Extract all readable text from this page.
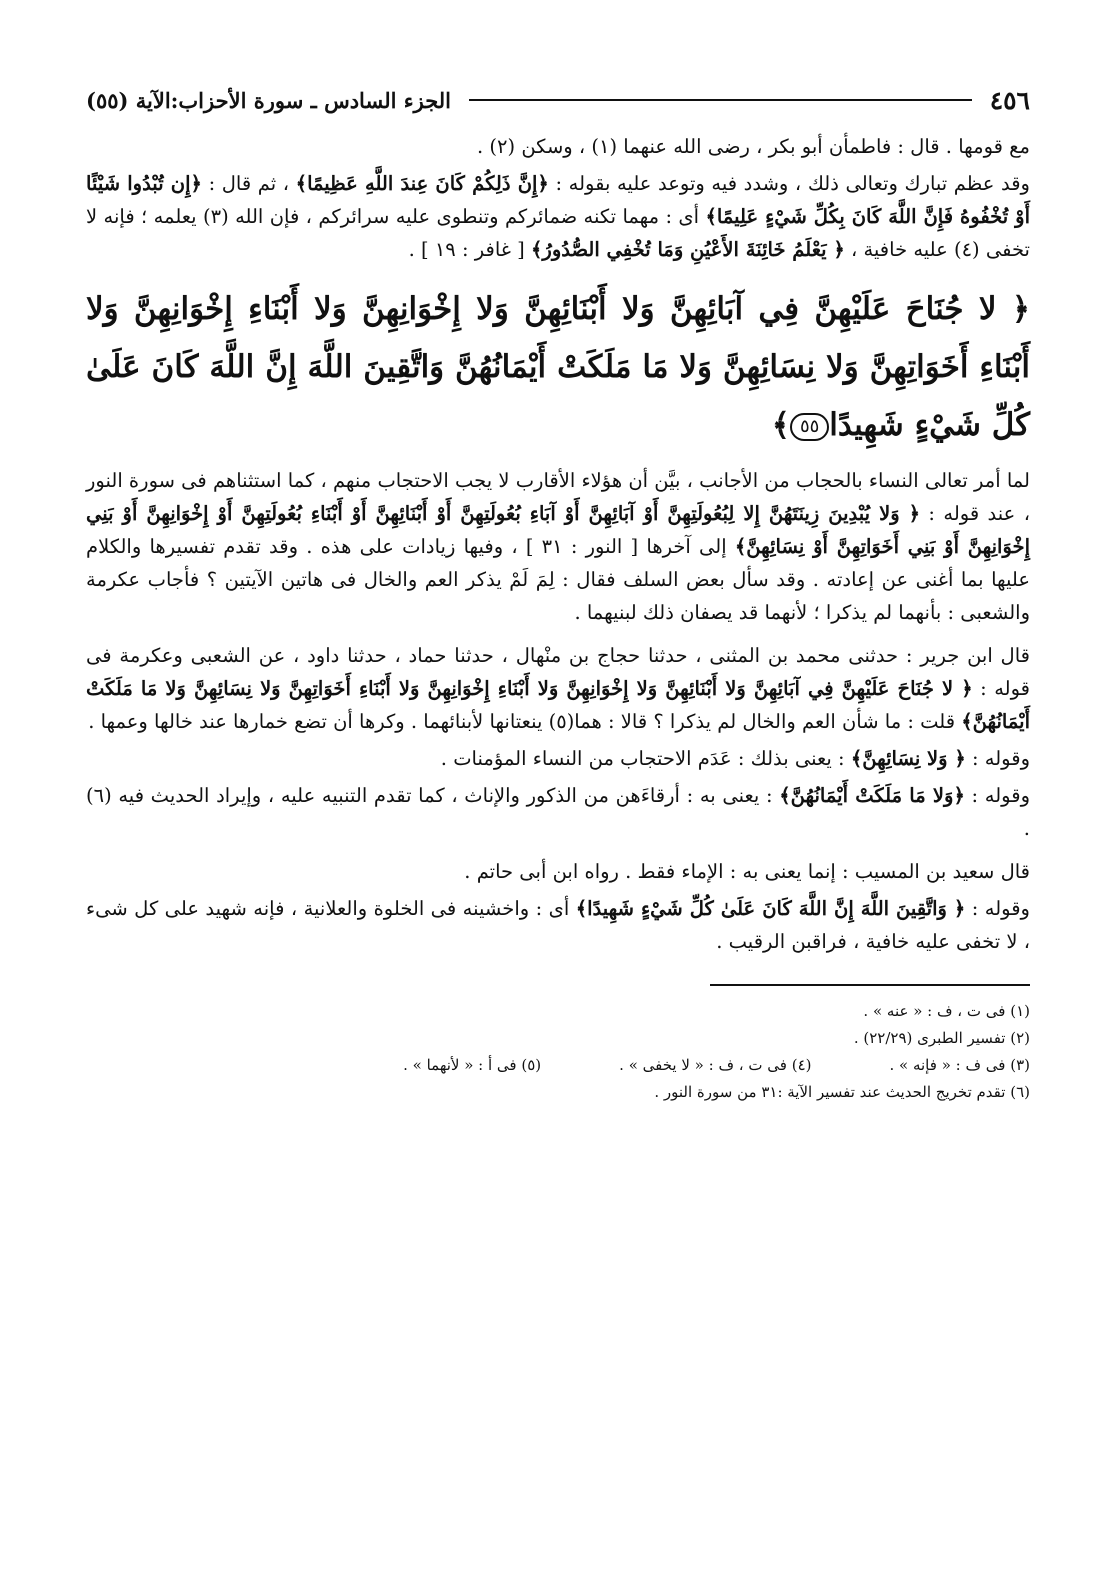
٤٥٦
الجزء السادس ـ سورة الأحزاب:الآية (٥٥)

مع قومها . قال : فاطمأن أبو بكر ، رضى الله عنهما (١) ، وسكن (٢) .

وقد عظم تبارك وتعالى ذلك ، وشدد فيه وتوعد عليه بقوله : ﴿إِنَّ ذَلِكُمْ كَانَ عِندَ اللَّهِ عَظِيمًا﴾ ، ثم قال : ﴿إِن تُبْدُوا شَيْئًا أَوْ تُخْفُوهُ فَإِنَّ اللَّهَ كَانَ بِكُلِّ شَيْءٍ عَلِيمًا﴾ أى : مهما تكنه ضمائركم وتنطوى عليه سرائركم ، فإن الله (٣) يعلمه ؛ فإنه لا تخفى (٤) عليه خافية ، ﴿ يَعْلَمُ خَائِنَةَ الأَعْيُنِ وَمَا تُخْفِي الصُّدُورُ﴾ [ غافر : ١٩ ] .

﴿ لا جُنَاحَ عَلَيْهِنَّ فِي آبَائِهِنَّ وَلا أَبْنَائِهِنَّ وَلا إِخْوَانِهِنَّ وَلا أَبْنَاءِ إِخْوَانِهِنَّ وَلا أَبْنَاءِ أَخَوَاتِهِنَّ وَلا نِسَائِهِنَّ وَلا مَا مَلَكَتْ أَيْمَانُهُنَّ وَاتَّقِينَ اللَّهَ إِنَّ اللَّهَ كَانَ عَلَىٰ كُلِّ شَيْءٍ شَهِيدًا٥٥﴾

لما أمر تعالى النساء بالحجاب من الأجانب ، بيَّن أن هؤلاء الأقارب لا يجب الاحتجاب منهم ، كما استثناهم فى سورة النور ، عند قوله : ﴿ وَلا يُبْدِينَ زِينَتَهُنَّ إِلا لِبُعُولَتِهِنَّ أَوْ آبَائِهِنَّ أَوْ آبَاءِ بُعُولَتِهِنَّ أَوْ أَبْنَائِهِنَّ أَوْ أَبْنَاءِ بُعُولَتِهِنَّ أَوْ إِخْوَانِهِنَّ أَوْ بَنِي إِخْوَانِهِنَّ أَوْ بَنِي أَخَوَاتِهِنَّ أَوْ نِسَائِهِنَّ﴾ إلى آخرها [ النور : ٣١ ] ، وفيها زيادات على هذه . وقد تقدم تفسيرها والكلام عليها بما أغنى عن إعادته . وقد سأل بعض السلف فقال : لِمَ لَمْ يذكر العم والخال فى هاتين الآيتين ؟ فأجاب عكرمة والشعبى : بأنهما لم يذكرا ؛ لأنهما قد يصفان ذلك لبنيهما .

قال ابن جرير : حدثنى محمد بن المثنى ، حدثنا حجاج بن منْهال ، حدثنا حماد ، حدثنا داود ، عن الشعبى وعكرمة فى قوله : ﴿ لا جُنَاحَ عَلَيْهِنَّ فِي آبَائِهِنَّ وَلا أَبْنَائِهِنَّ وَلا إِخْوَانِهِنَّ وَلا أَبْنَاءِ إِخْوَانِهِنَّ وَلا أَبْنَاءِ أَخَوَاتِهِنَّ وَلا نِسَائِهِنَّ وَلا مَا مَلَكَتْ أَيْمَانُهُنَّ﴾ قلت : ما شأن العم والخال لم يذكرا ؟ قالا : هما(٥) ينعتانها لأبنائهما . وكرها أن تضع خمارها عند خالها وعمها .

وقوله : ﴿ وَلا نِسَائِهِنَّ﴾ : يعنى بذلك : عَدَم الاحتجاب من النساء المؤمنات .

وقوله : ﴿وَلا مَا مَلَكَتْ أَيْمَانُهُنَّ﴾ : يعنى به : أرقاءَهن من الذكور والإناث ، كما تقدم التنبيه عليه ، وإيراد الحديث فيه (٦) .

قال سعيد بن المسيب : إنما يعنى به : الإماء فقط . رواه ابن أبى حاتم .

وقوله : ﴿ وَاتَّقِينَ اللَّهَ إِنَّ اللَّهَ كَانَ عَلَىٰ كُلِّ شَيْءٍ شَهِيدًا﴾ أى : واخشينه فى الخلوة والعلانية ، فإنه شهيد على كل شىء ، لا تخفى عليه خافية ، فراقبن الرقيب .

(١) فى ت ، ف : « عنه » .
(٢) تفسير الطبرى (٢٢/٢٩) .
(٣) فى ف : « فإنه » .
(٤) فى ت ، ف : « لا يخفى » .
(٥) فى أ : « لأنهما » .
(٦) تقدم تخريج الحديث عند تفسير الآية :٣١ من سورة النور .
